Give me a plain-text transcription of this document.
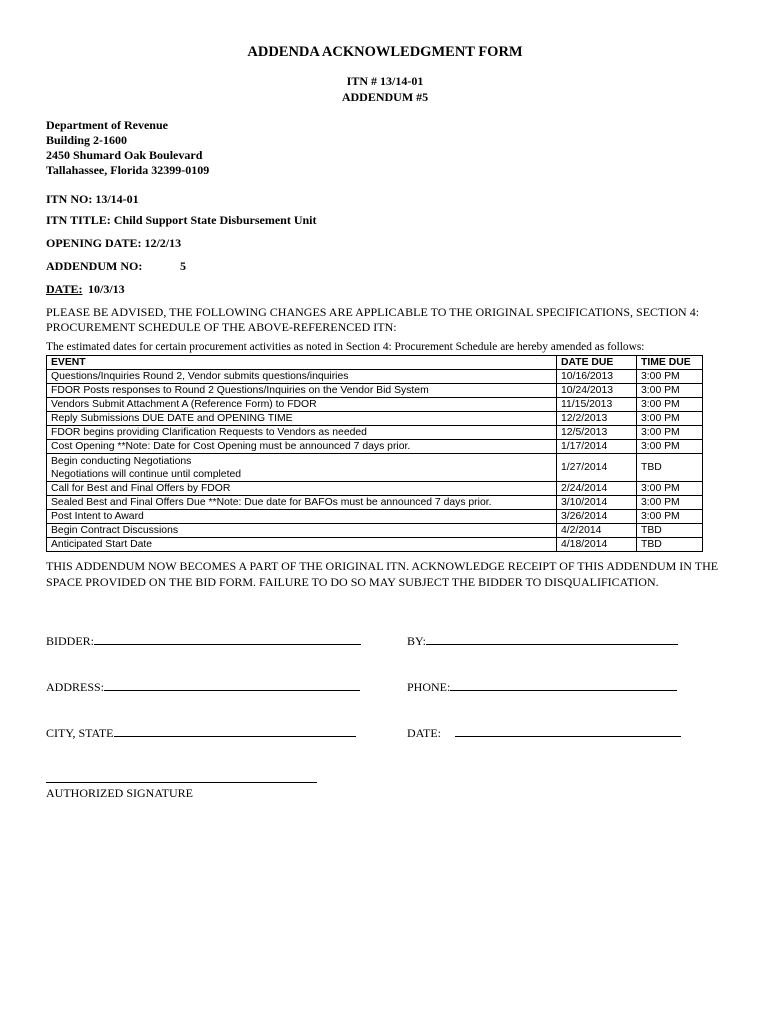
ADDENDA ACKNOWLEDGMENT FORM
ITN # 13/14-01
ADDENDUM #5
Department of Revenue
Building 2-1600
2450 Shumard Oak Boulevard
Tallahassee, Florida 32399-0109
ITN NO: 13/14-01
ITN TITLE: Child Support State Disbursement Unit
OPENING DATE: 12/2/13
ADDENDUM NO:	5
DATE: 10/3/13
PLEASE BE ADVISED, THE FOLLOWING CHANGES ARE APPLICABLE TO THE ORIGINAL SPECIFICATIONS, SECTION 4: PROCUREMENT SCHEDULE OF THE ABOVE-REFERENCED ITN:
The estimated dates for certain procurement activities as noted in Section 4: Procurement Schedule are hereby amended as follows:
EVENT	DATE DUE	TIME DUE
Questions/Inquiries Round 2, Vendor submits questions/inquiries	10/16/2013	3:00 PM
FDOR Posts responses to Round 2 Questions/Inquiries on the Vendor Bid System	10/24/2013	3:00 PM
Vendors Submit Attachment A (Reference Form) to FDOR	11/15/2013	3:00 PM
Reply Submissions DUE DATE and OPENING TIME	12/2/2013	3:00 PM
FDOR begins providing Clarification Requests to Vendors as needed	12/5/2013	3:00 PM
Cost Opening **Note: Date for Cost Opening must be announced 7 days prior.	1/17/2014	3:00 PM

Begin conducting Negotiations
Negotiations will continue until completed	1/27/2014	TBD
Call for Best and Final Offers by FDOR	2/24/2014	3:00 PM
Sealed Best and Final Offers Due **Note: Due date for BAFOs must be announced 7 days prior.	3/10/2014	3:00 PM
Post Intent to Award	3/26/2014	3:00 PM
Begin Contract Discussions	4/2/2014	TBD
Anticipated Start Date	4/18/2014	TBD
THIS ADDENDUM NOW BECOMES A PART OF THE ORIGINAL ITN. ACKNOWLEDGE RECEIPT OF THIS ADDENDUM IN THE SPACE PROVIDED ON THE BID FORM. FAILURE TO DO SO MAY SUBJECT THE BIDDER TO DISQUALIFICATION.
BIDDER:	BY:
ADDRESS:	PHONE:
CITY, STATE	DATE:
AUTHORIZED SIGNATURE
